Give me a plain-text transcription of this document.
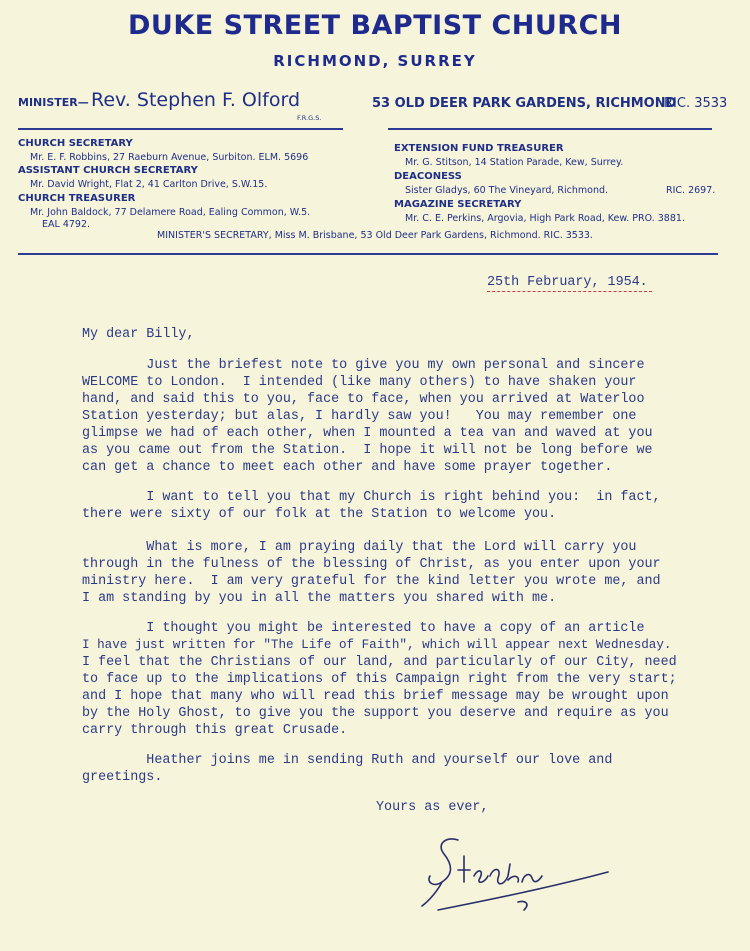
DUKE STREET BAPTIST CHURCH
RICHMOND, SURREY
MINISTER— Rev. Stephen F. Olford
F.R.G.S.
53 OLD DEER PARK GARDENS, RICHMOND
RIC. 3533
CHURCH SECRETARY
Mr. E. F. Robbins, 27 Raeburn Avenue, Surbiton. ELM. 5696
ASSISTANT CHURCH SECRETARY
Mr. David Wright, Flat 2, 41 Carlton Drive, S.W.15.
CHURCH TREASURER
Mr. John Baldock, 77 Delamere Road, Ealing Common, W.5.
EAL 4792.
EXTENSION FUND TREASURER
Mr. G. Stitson, 14 Station Parade, Kew, Surrey.
DEACONESS
Sister Gladys, 60 The Vineyard, Richmond.	RIC. 2697.
MAGAZINE SECRETARY
Mr. C. E. Perkins, Argovia, High Park Road, Kew. PRO. 3881.
MINISTER'S SECRETARY, Miss M. Brisbane, 53 Old Deer Park Gardens, Richmond. RIC. 3533.
25th February, 1954.
My dear Billy,
Just the briefest note to give you my own personal and sincere
WELCOME to London.  I intended (like many others) to have shaken your
hand, and said this to you, face to face, when you arrived at Waterloo
Station yesterday; but alas, I hardly saw you!   You may remember one
glimpse we had of each other, when I mounted a tea van and waved at you
as you came out from the Station.  I hope it will not be long before we
can get a chance to meet each other and have some prayer together.
I want to tell you that my Church is right behind you:  in fact,
there were sixty of our folk at the Station to welcome you.
What is more, I am praying daily that the Lord will carry you
through in the fulness of the blessing of Christ, as you enter upon your
ministry here.  I am very grateful for the kind letter you wrote me, and
I am standing by you in all the matters you shared with me.
I thought you might be interested to have a copy of an article
I have just written for "The Life of Faith", which will appear next Wednesday.
I feel that the Christians of our land, and particularly of our City, need
to face up to the implications of this Campaign right from the very start;
and I hope that many who will read this brief message may be wrought upon
by the Holy Ghost, to give you the support you deserve and require as you
carry through this great Crusade.
Heather joins me in sending Ruth and yourself our love and
greetings.
Yours as ever,
